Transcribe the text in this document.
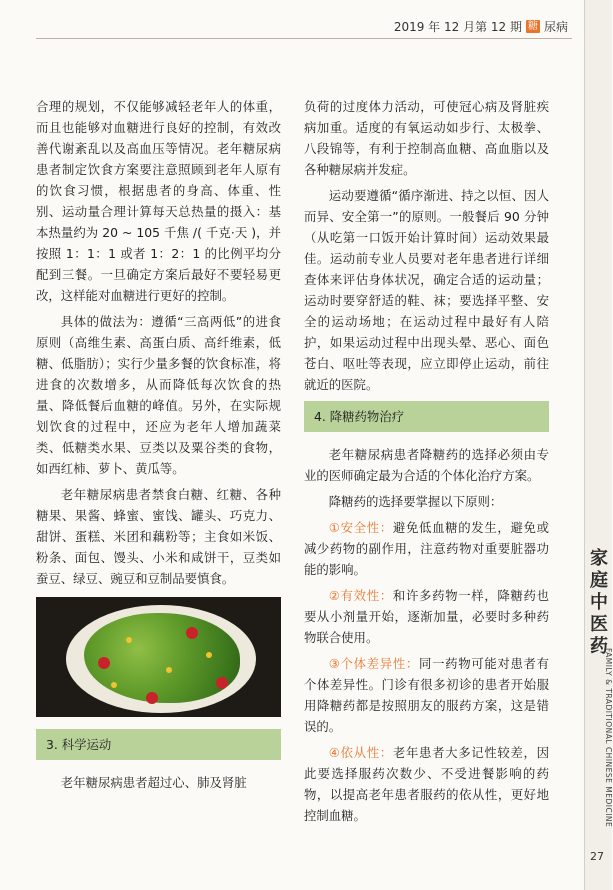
2019 年 12 月第 12 期 糖 尿病

合理的规划，不仅能够减轻老年人的体重，而且也能够对血糖进行良好的控制，有效改善代谢紊乱以及高血压等情况。老年糖尿病患者制定饮食方案要注意照顾到老年人原有的饮食习惯，根据患者的身高、体重、性别、运动量合理计算每天总热量的摄入：基本热量约为 20 ~ 105 千焦 /( 千克·天 )，并按照 1：1：1 或者 1：2：1 的比例平均分配到三餐。一旦确定方案后最好不要轻易更改，这样能对血糖进行更好的控制。

具体的做法为：遵循“三高两低”的进食原则（高维生素、高蛋白质、高纤维素，低糖、低脂肪）；实行少量多餐的饮食标准，将进食的次数增多，从而降低每次饮食的热量、降低餐后血糖的峰值。另外，在实际规划饮食的过程中，还应为老年人增加蔬菜类、低糖类水果、豆类以及粟谷类的食物，如西红柿、萝卜、黄瓜等。

老年糖尿病患者禁食白糖、红糖、各种糖果、果酱、蜂蜜、蜜饯、罐头、巧克力、甜饼、蛋糕、米团和藕粉等；主食如米饭、粉条、面包、馒头、小米和咸饼干，豆类如蚕豆、绿豆、豌豆和豆制品要慎食。

3. 科学运动

老年糖尿病患者超过心、肺及肾脏

负荷的过度体力活动，可使冠心病及肾脏疾病加重。适度的有氧运动如步行、太极拳、八段锦等，有利于控制高血糖、高血脂以及各种糖尿病并发症。

运动要遵循“循序渐进、持之以恒、因人而异、安全第一”的原则。一般餐后 90 分钟（从吃第一口饭开始计算时间）运动效果最佳。运动前专业人员要对老年患者进行详细查体来评估身体状况，确定合适的运动量；运动时要穿舒适的鞋、袜；要选择平整、安全的运动场地；在运动过程中最好有人陪护，如果运动过程中出现头晕、恶心、面色苍白、呕吐等表现，应立即停止运动，前往就近的医院。

4. 降糖药物治疗

老年糖尿病患者降糖药的选择必须由专业的医师确定最为合适的个体化治疗方案。

降糖药的选择要掌握以下原则：

①安全性：避免低血糖的发生，避免或减少药物的副作用，注意药物对重要脏器功能的影响。

②有效性：和许多药物一样，降糖药也要从小剂量开始，逐渐加量，必要时多种药物联合使用。

③个体差异性：同一药物可能对患者有个体差异性。门诊有很多初诊的患者开始服用降糖药都是按照朋友的服药方案，这是错误的。

④依从性：老年患者大多记性较差，因此要选择服药次数少、不受进餐影响的药物，以提高老年患者服药的依从性，更好地控制血糖。

家庭中医药
FAMILY & TRADITIONAL CHINESE MEDICINE
27
